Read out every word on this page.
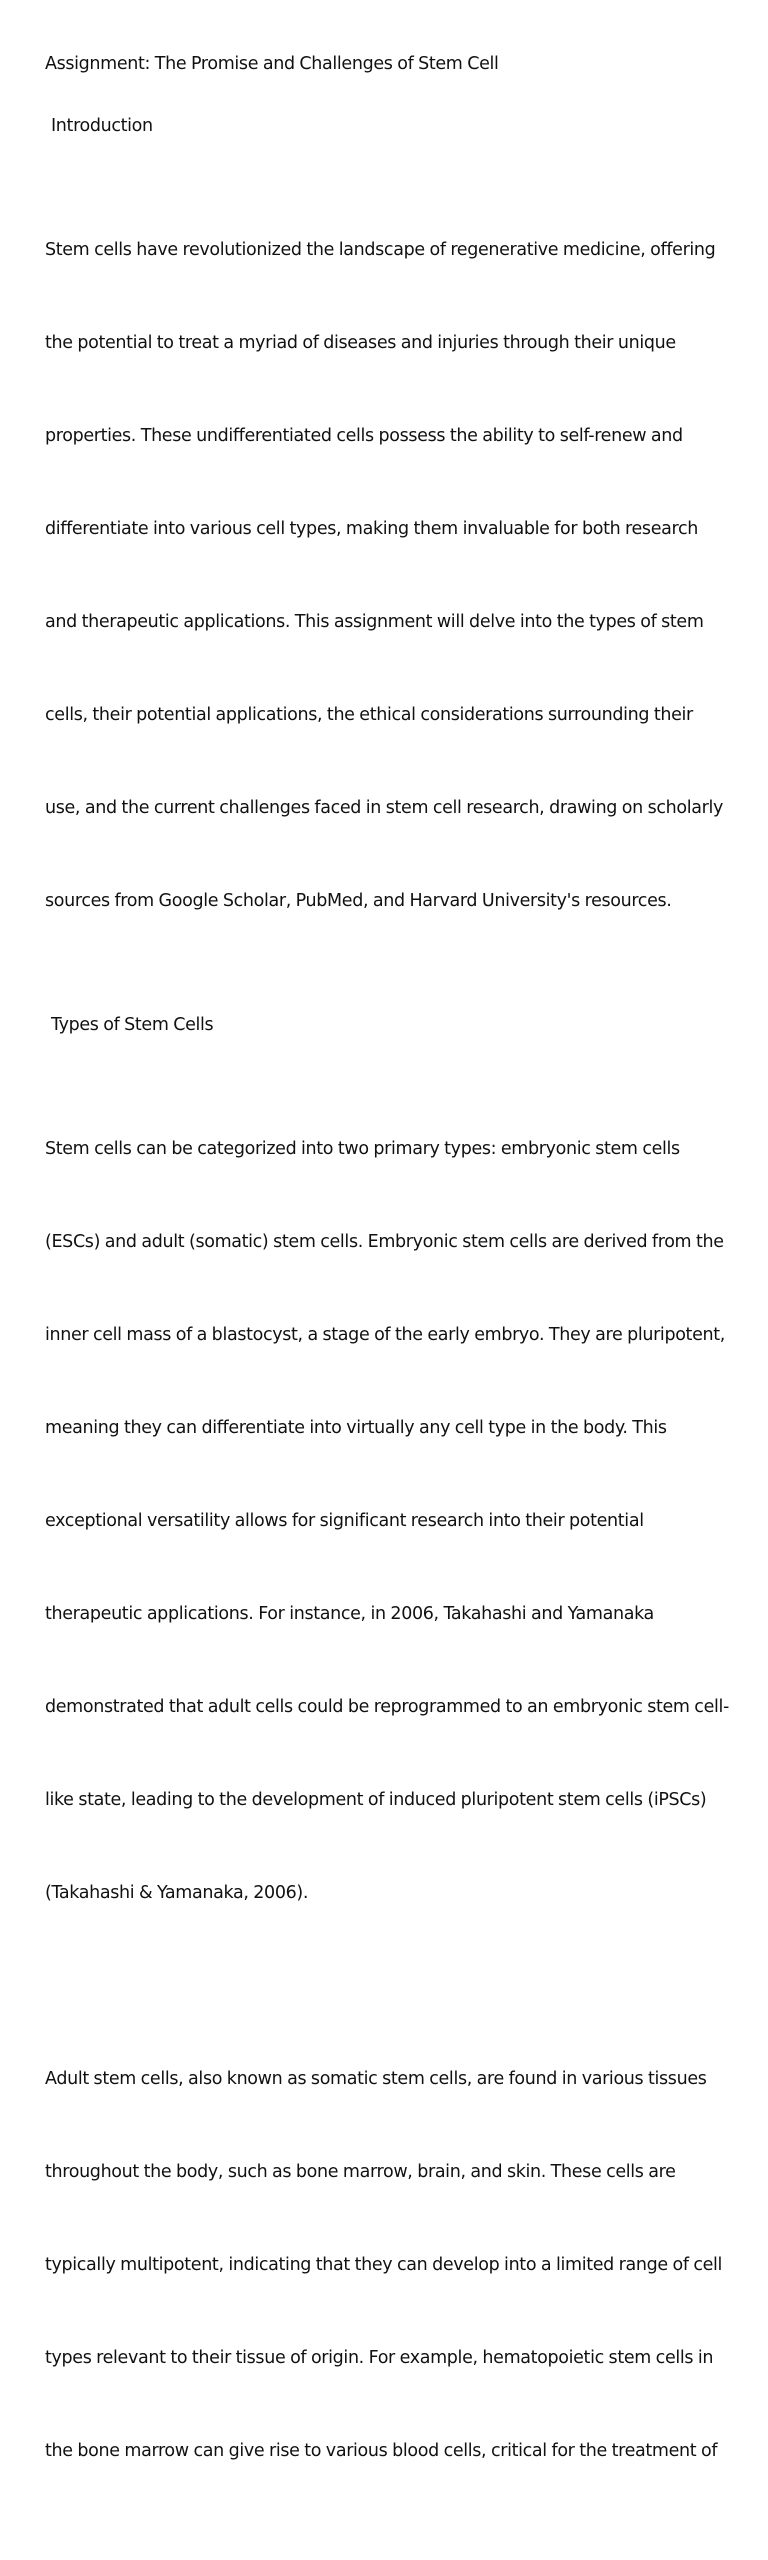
Assignment: The Promise and Challenges of Stem Cell
Introduction

Stem cells have revolutionized the landscape of regenerative medicine, offering

the potential to treat a myriad of diseases and injuries through their unique

properties. These undifferentiated cells possess the ability to self-renew and

differentiate into various cell types, making them invaluable for both research

and therapeutic applications. This assignment will delve into the types of stem

cells, their potential applications, the ethical considerations surrounding their

use, and the current challenges faced in stem cell research, drawing on scholarly

sources from Google Scholar, PubMed, and Harvard University's resources.

Types of Stem Cells

Stem cells can be categorized into two primary types: embryonic stem cells

(ESCs) and adult (somatic) stem cells. Embryonic stem cells are derived from the

inner cell mass of a blastocyst, a stage of the early embryo. They are pluripotent,

meaning they can differentiate into virtually any cell type in the body. This

exceptional versatility allows for significant research into their potential

therapeutic applications. For instance, in 2006, Takahashi and Yamanaka

demonstrated that adult cells could be reprogrammed to an embryonic stem cell-

like state, leading to the development of induced pluripotent stem cells (iPSCs)

(Takahashi & Yamanaka, 2006).

Adult stem cells, also known as somatic stem cells, are found in various tissues

throughout the body, such as bone marrow, brain, and skin. These cells are

typically multipotent, indicating that they can develop into a limited range of cell

types relevant to their tissue of origin. For example, hematopoietic stem cells in

the bone marrow can give rise to various blood cells, critical for the treatment of
